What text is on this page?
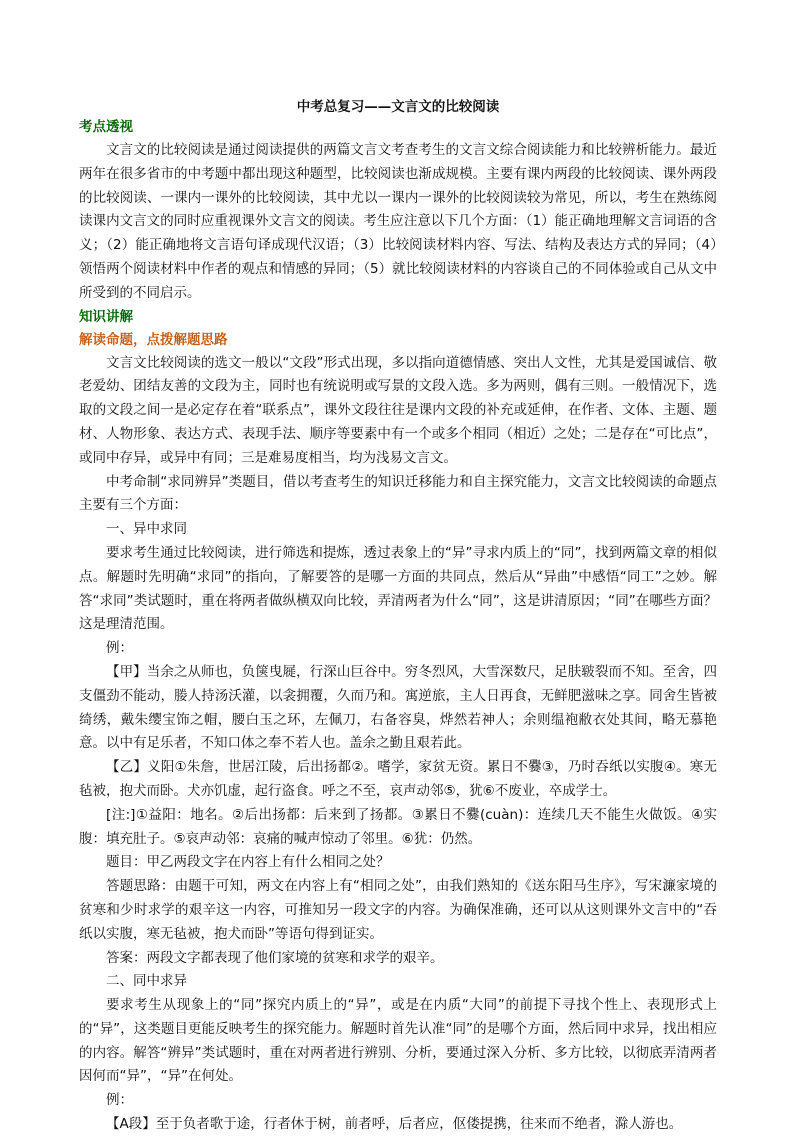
中考总复习——文言文的比较阅读
考点透视

文言文的比较阅读是通过阅读提供的两篇文言文考查考生的文言文综合阅读能力和比较辨析能力。最近两年在很多省市的中考题中都出现这种题型，比较阅读也渐成规模。主要有课内两段的比较阅读、课外两段的比较阅读、一课内一课外的比较阅读，其中尤以一课内一课外的比较阅读较为常见，所以，考生在熟练阅读课内文言文的同时应重视课外文言文的阅读。考生应注意以下几个方面：（1）能正确地理解文言词语的含义；（2）能正确地将文言语句译成现代汉语；（3）比较阅读材料内容、写法、结构及表达方式的异同；（4）领悟两个阅读材料中作者的观点和情感的异同；（5）就比较阅读材料的内容谈自己的不同体验或自己从文中所受到的不同启示。

知识讲解
解读命题，点拨解题思路

文言文比较阅读的选文一般以“文段”形式出现，多以指向道德情感、突出人文性，尤其是爱国诚信、敬老爱幼、团结友善的文段为主，同时也有统说明或写景的文段入选。多为两则，偶有三则。一般情况下，选取的文段之间一是必定存在着“联系点”，课外文段往往是课内文段的补充或延伸，在作者、文体、主题、题材、人物形象、表达方式、表现手法、顺序等要素中有一个或多个相同（相近）之处；二是存在“可比点”，或同中存异，或异中有同；三是难易度相当，均为浅易文言文。

中考命制“求同辨异”类题目，借以考查考生的知识迁移能力和自主探究能力，文言文比较阅读的命题点主要有三个方面：

一、异中求同

要求考生通过比较阅读，进行筛选和提炼，透过表象上的“异”寻求内质上的“同”，找到两篇文章的相似点。解题时先明确“求同”的指向，了解要答的是哪一方面的共同点，然后从“异曲”中感悟“同工”之妙。解答“求同”类试题时，重在将两者做纵横双向比较，弄清两者为什么“同”，这是讲清原因；“同”在哪些方面？这是理清范围。

例：

【甲】当余之从师也，负箧曳屣，行深山巨谷中。穷冬烈风，大雪深数尺，足肤皲裂而不知。至舍，四支僵劲不能动，媵人持汤沃灌，以衾拥覆，久而乃和。寓逆旅，主人日再食，无鲜肥滋味之享。同舍生皆被绮绣，戴朱缨宝饰之帽，腰白玉之环，左佩刀，右备容臭，烨然若神人；余则缊袍敝衣处其间，略无慕艳意。以中有足乐者，不知口体之奉不若人也。盖余之勤且艰若此。

【乙】义阳①朱詹，世居江陵，后出扬都②。嗜学，家贫无资。累日不爨③，乃时吞纸以实腹④。寒无毡被，抱犬而卧。犬亦饥虚，起行盗食。呼之不至，哀声动邻⑤，犹⑥不废业，卒成学士。

[注:]①益阳：地名。②后出扬都：后来到了扬都。③累日不爨(cuàn)：连续几天不能生火做饭。④实腹：填充肚子。⑤哀声动邻：哀痛的喊声惊动了邻里。⑥犹：仍然。

题目：甲乙两段文字在内容上有什么相同之处？

答题思路：由题干可知，两文在内容上有“相同之处”，由我们熟知的《送东阳马生序》，写宋濂家境的贫寒和少时求学的艰辛这一内容，可推知另一段文字的内容。为确保准确，还可以从这则课外文言中的“吞纸以实腹，寒无毡被，抱犬而卧”等语句得到证实。

答案：两段文字都表现了他们家境的贫寒和求学的艰辛。

二、同中求异

要求考生从现象上的“同”探究内质上的“异”，或是在内质“大同”的前提下寻找个性上、表现形式上的“异”，这类题目更能反映考生的探究能力。解题时首先认准“同”的是哪个方面，然后同中求异，找出相应的内容。解答“辨异”类试题时，重在对两者进行辨别、分析，要通过深入分析、多方比较，以彻底弄清两者因何而“异”，“异”在何处。

例：

【A段】至于负者歌于途，行者休于树，前者呼，后者应，伛偻提携，往来而不绝者，滁人游也。
